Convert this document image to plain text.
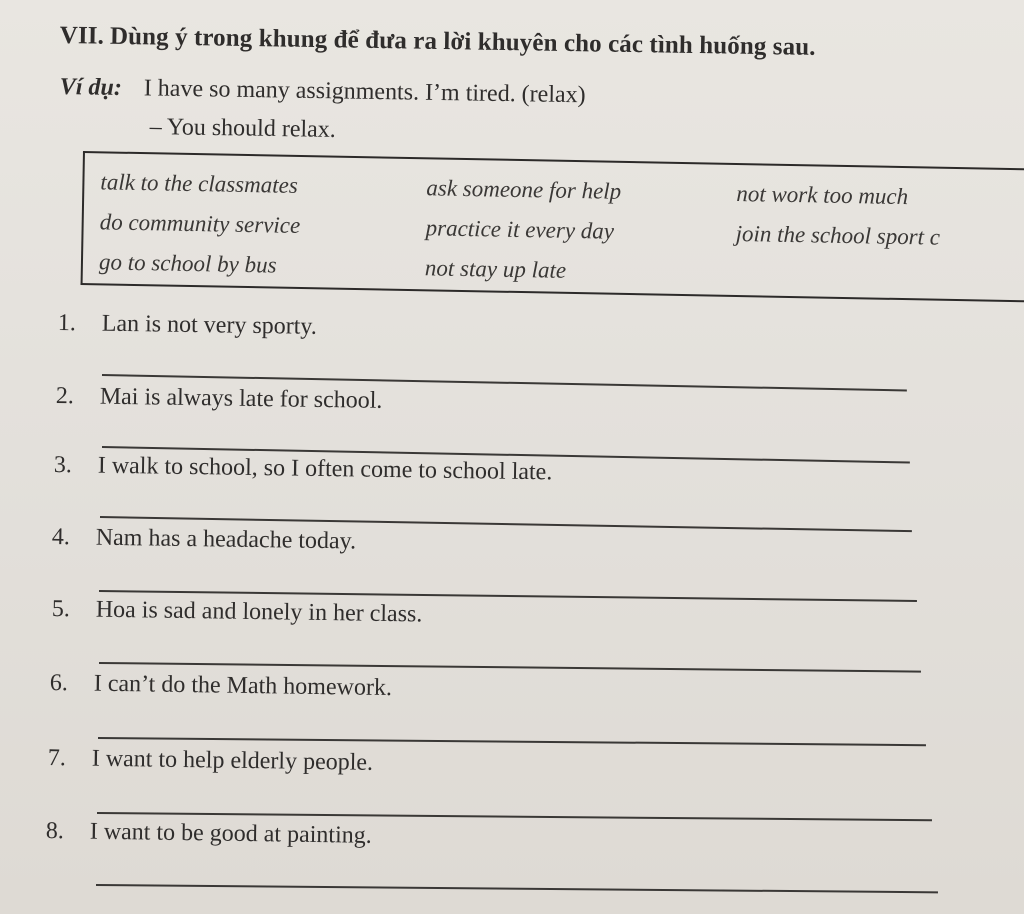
VII. Dùng ý trong khung để đưa ra lời khuyên cho các tình huống sau.
Ví dụ: I have so many assignments. I’m tired. (relax)
– You should relax.
talk to the classmates	ask someone for help	not work too much
do community service	practice it every day	join the school sport c
go to school by bus	not stay up late
1. Lan is not very sporty.
2. Mai is always late for school.
3. I walk to school, so I often come to school late.
4. Nam has a headache today.
5. Hoa is sad and lonely in her class.
6. I can’t do the Math homework.
7. I want to help elderly people.
8. I want to be good at painting.
